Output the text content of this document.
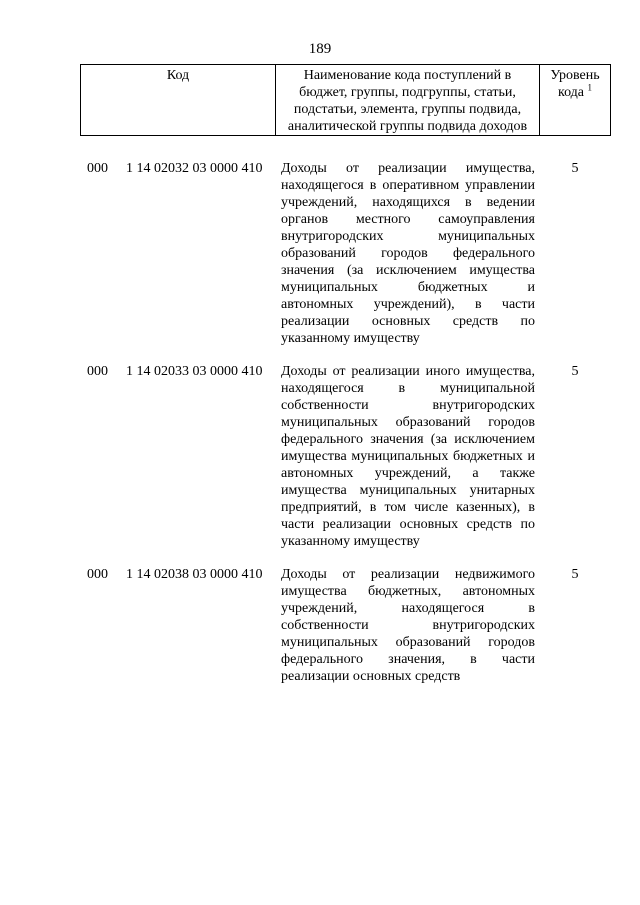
189
Код	Наименование кода поступлений в бюджет, группы, подгруппы, статьи, подстатьи, элемента, группы подвида, аналитической группы подвида доходов
Уровень кода $^1$
000 1 14 02032 03 0000 410 Доходы от реализации имущества, находящегося в оперативном управлении учреждений, находящихся в ведении органов местного самоуправления внутригородских муниципальных образований городов федерального значения (за исключением имущества муниципальных бюджетных и автономных учреждений), в части реализации основных средств по указанному имуществу
5
000 1 14 02033 03 0000 410 Доходы от реализации иного имущества, находящегося в муниципальной собственности внутригородских муниципальных образований городов федерального значения (за исключением имущества муниципальных бюджетных и автономных учреждений, а также имущества муниципальных унитарных предприятий, в том числе казенных), в части реализации основных средств по указанному имуществу
5
000 1 14 02038 03 0000 410 Доходы от реализации недвижимого имущества бюджетных, автономных учреждений, находящегося в собственности внутригородских муниципальных образований городов федерального значения, в части реализации основных средств
5
